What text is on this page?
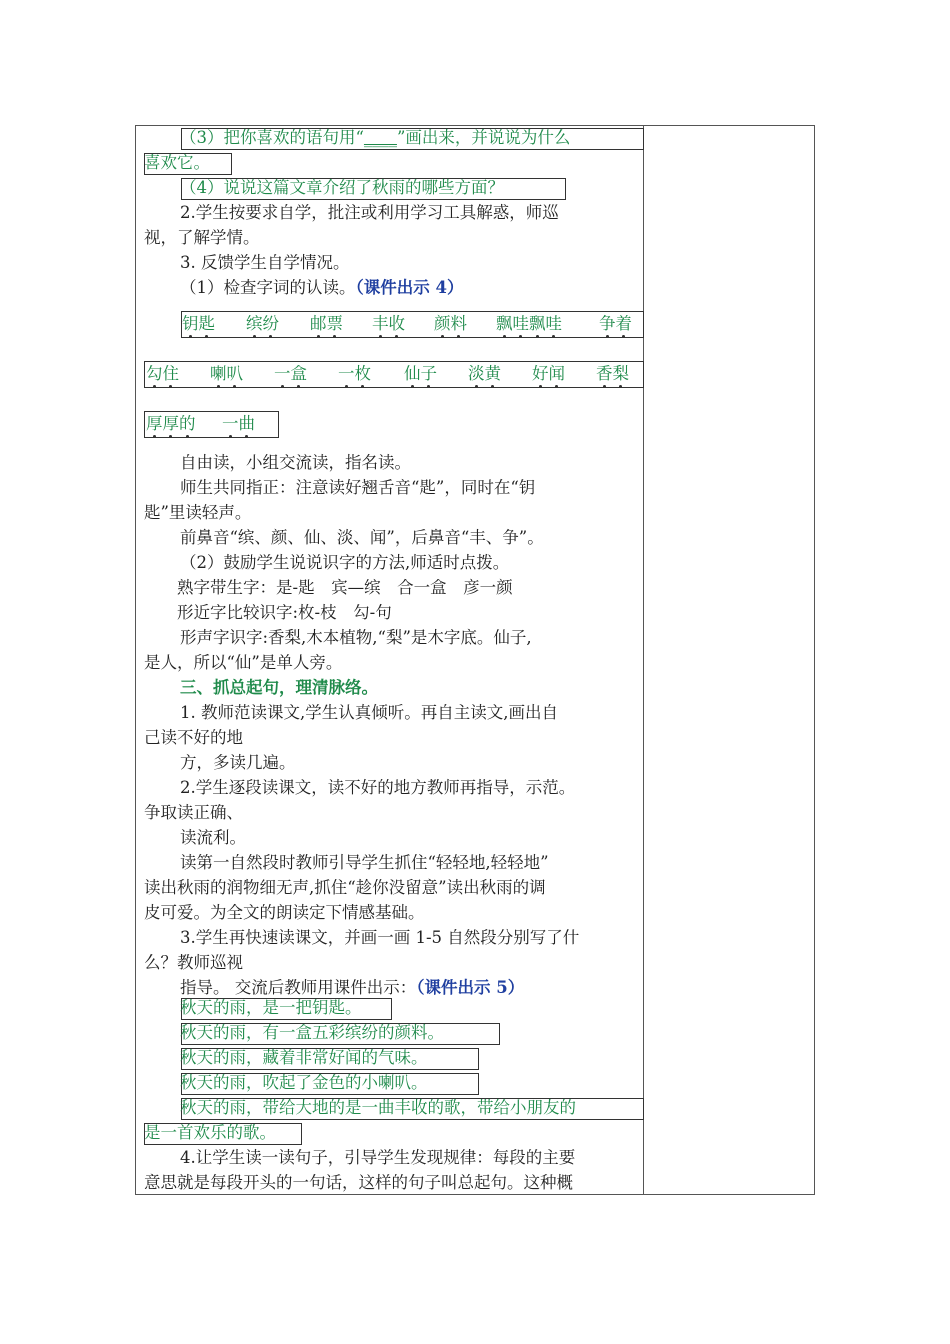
（3）把你喜欢的语句用“____”画出来，并说说为什么
喜欢它。
（4）说说这篇文章介绍了秋雨的哪些方面？
2.学生按要求自学，批注或利用学习工具解惑，师巡
视，了解学情。
3. 反馈学生自学情况。
（1）检查字词的认读。（课件出示 4）
钥匙 缤纷 邮票 丰收 颜料 飘哇飘哇 争着
勾住 喇叭 一盒 一枚 仙子 淡黄 好闻 香梨
厚厚的 一曲
自由读，小组交流读，指名读。
师生共同指正：注意读好翘舌音“匙”，同时在“钥
匙”里读轻声。
前鼻音“缤、颜、仙、淡、闻”，后鼻音“丰、争”。
（2）鼓励学生说说识字的方法,师适时点拨。
熟字带生字：是-匙　宾—缤　合一盒　彦一颜
形近字比较识字:枚-枝　勾-句
形声字识字:香梨,木本植物,“梨”是木字底。仙子,
是人，所以“仙”是单人旁。
三、抓总起句，理清脉络。
1. 教师范读课文,学生认真倾听。再自主读文,画出自
己读不好的地
方，多读几遍。
2.学生逐段读课文，读不好的地方教师再指导，示范。
争取读正确、
读流利。
读第一自然段时教师引导学生抓住“轻轻地,轻轻地”
读出秋雨的润物细无声,抓住“趁你没留意”读出秋雨的调
皮可爱。为全文的朗读定下情感基础。
3.学生再快速读课文，并画一画 1-5 自然段分别写了什
么？教师巡视
指导。 交流后教师用课件出示：（课件出示 5）
秋天的雨，是一把钥匙。
秋天的雨，有一盒五彩缤纷的颜料。
秋天的雨，藏着非常好闻的气味。
秋天的雨，吹起了金色的小喇叭。
秋天的雨，带给大地的是一曲丰收的歌，带给小朋友的
是一首欢乐的歌。
4.让学生读一读句子，引导学生发现规律：每段的主要
意思就是每段开头的一句话，这样的句子叫总起句。这种概
